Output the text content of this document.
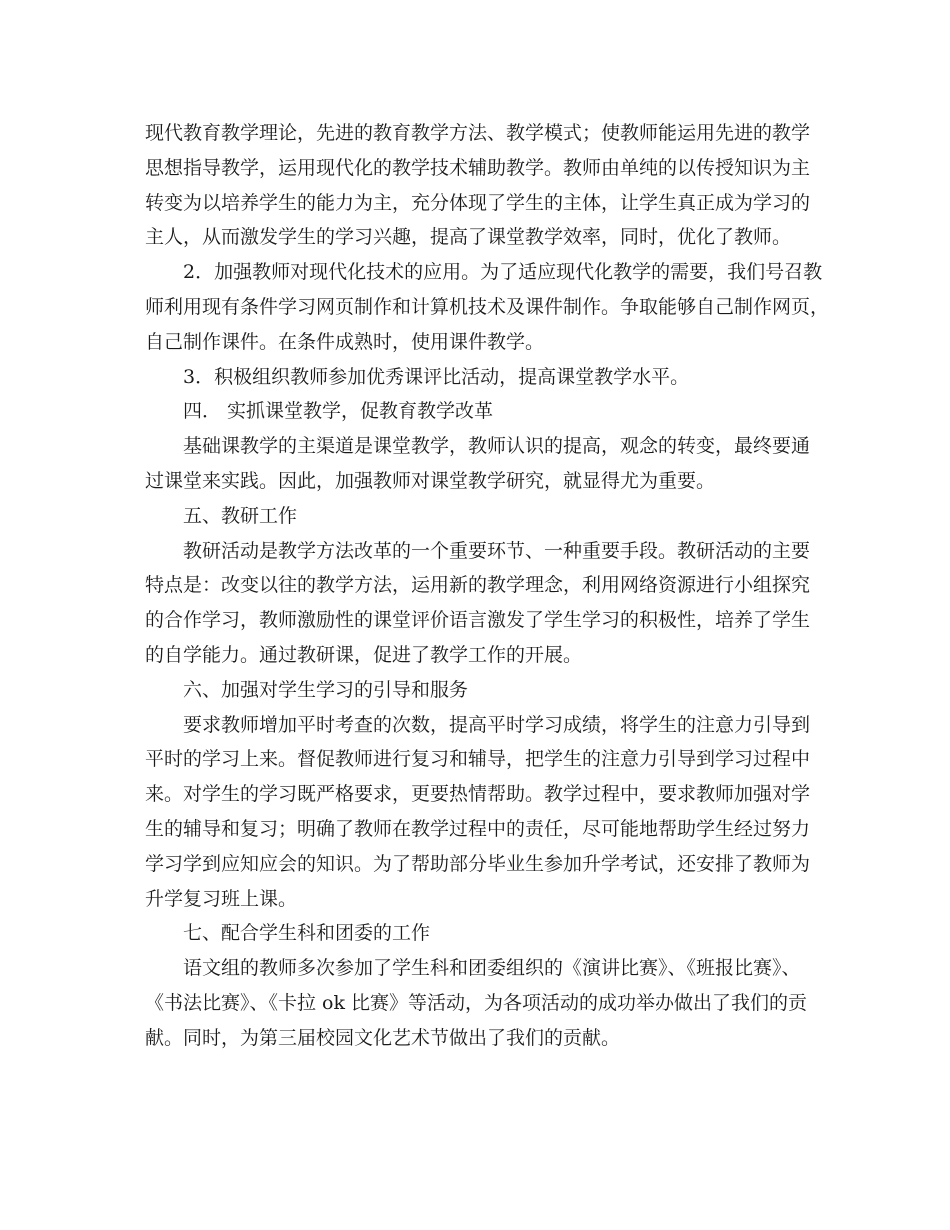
现代教育教学理论，先进的教育教学方法、教学模式；使教师能运用先进的教学
思想指导教学，运用现代化的教学技术辅助教学。教师由单纯的以传授知识为主
转变为以培养学生的能力为主，充分体现了学生的主体，让学生真正成为学习的
主人，从而激发学生的学习兴趣，提高了课堂教学效率，同时，优化了教师。
2．加强教师对现代化技术的应用。为了适应现代化教学的需要，我们号召教
师利用现有条件学习网页制作和计算机技术及课件制作。争取能够自己制作网页，
自己制作课件。在条件成熟时，使用课件教学。
3．积极组织教师参加优秀课评比活动，提高课堂教学水平。
四． 实抓课堂教学，促教育教学改革
基础课教学的主渠道是课堂教学，教师认识的提高，观念的转变，最终要通
过课堂来实践。因此，加强教师对课堂教学研究，就显得尤为重要。
五、教研工作
教研活动是教学方法改革的一个重要环节、一种重要手段。教研活动的主要
特点是：改变以往的教学方法，运用新的教学理念，利用网络资源进行小组探究
的合作学习，教师激励性的课堂评价语言激发了学生学习的积极性，培养了学生
的自学能力。通过教研课，促进了教学工作的开展。
六、加强对学生学习的引导和服务
要求教师增加平时考查的次数，提高平时学习成绩，将学生的注意力引导到
平时的学习上来。督促教师进行复习和辅导，把学生的注意力引导到学习过程中
来。对学生的学习既严格要求，更要热情帮助。教学过程中，要求教师加强对学
生的辅导和复习；明确了教师在教学过程中的责任，尽可能地帮助学生经过努力
学习学到应知应会的知识。为了帮助部分毕业生参加升学考试，还安排了教师为
升学复习班上课。
七、配合学生科和团委的工作
语文组的教师多次参加了学生科和团委组织的《演讲比赛》、《班报比赛》、
《书法比赛》、《卡拉 ok 比赛》等活动，为各项活动的成功举办做出了我们的贡
献。同时，为第三届校园文化艺术节做出了我们的贡献。
